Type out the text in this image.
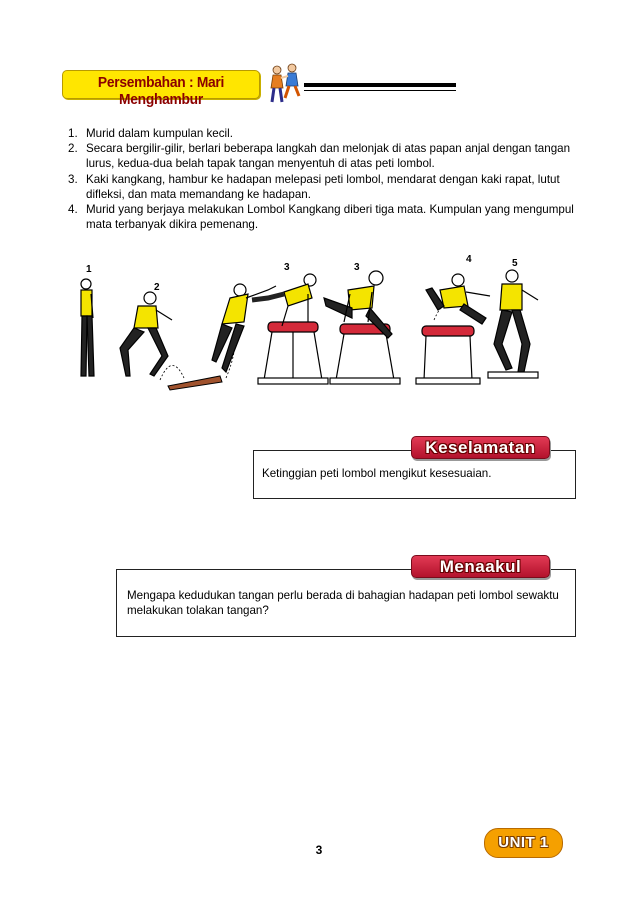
Persembahan : Mari Menghambur
1. Murid dalam kumpulan kecil.
2. Secara bergilir-gilir, berlari beberapa langkah dan melonjak di atas papan anjal dengan tangan lurus, kedua-dua belah tapak tangan menyentuh di atas peti lombol.
3. Kaki kangkang, hambur ke hadapan melepasi peti lombol, mendarat dengan kaki rapat, lutut difleksi, dan mata memandang ke hadapan.
4. Murid yang berjaya melakukan Lombol Kangkang diberi tiga mata. Kumpulan yang mengumpul mata terbanyak dikira pemenang.
1
2
3	3
4	5
Ketinggian peti lombol mengikut kesesuaian.
Keselamatan
Mengapa kedudukan tangan perlu berada di bahagian hadapan peti lombol sewaktu melakukan tolakan tangan?
Menaakul
3	UNIT 1
